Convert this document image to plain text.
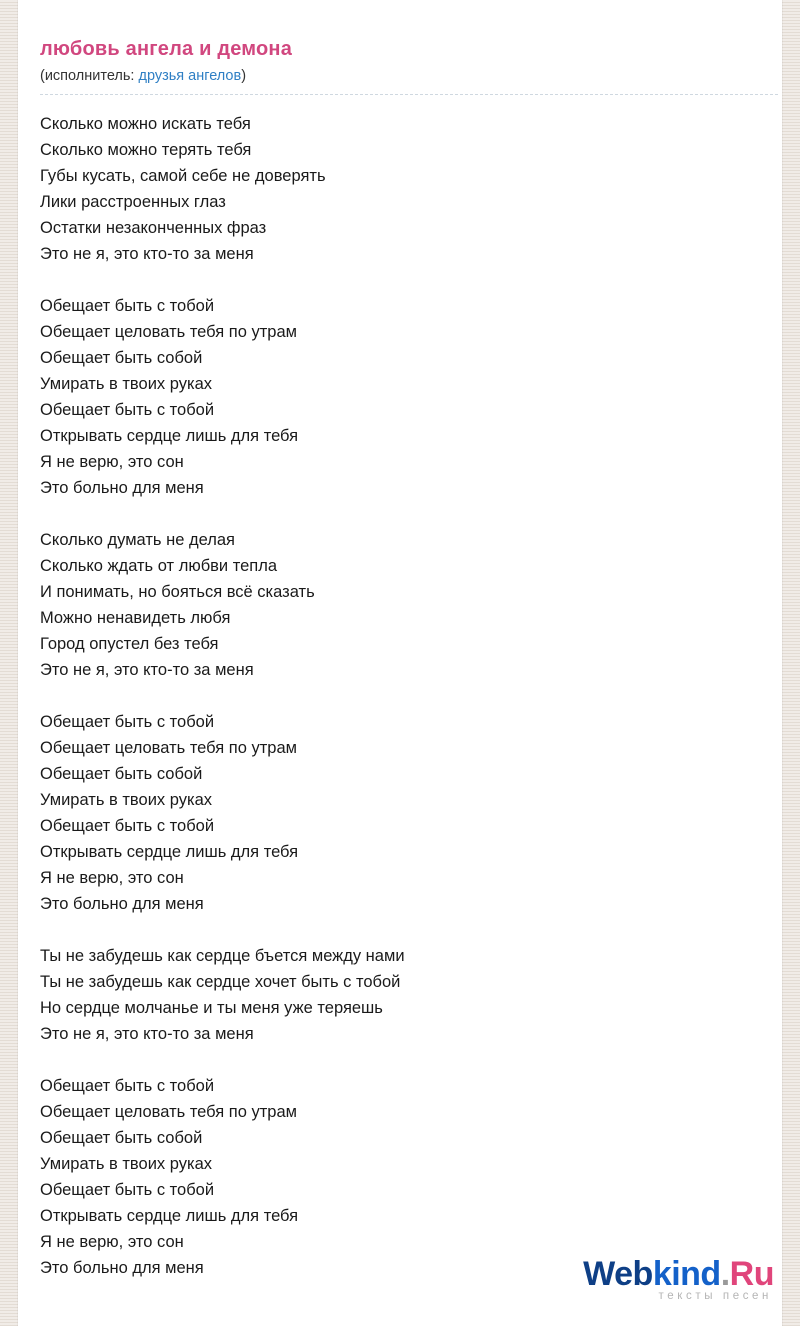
любовь ангела и демона
(исполнитель: друзья ангелов)
Сколько можно искать тебя
Сколько можно терять тебя
Губы кусать, самой себе не доверять
Лики расстроенных глаз
Остатки незаконченных фраз
Это не я, это кто-то за меня
Обещает быть с тобой
Обещает целовать тебя по утрам
Обещает быть собой
Умирать в твоих руках
Обещает быть с тобой
Открывать сердце лишь для тебя
Я не верю, это сон
Это больно для меня
Сколько думать не делая
Сколько ждать от любви тепла
И понимать, но бояться всё сказать
Можно ненавидеть любя
Город опустел без тебя
Это не я, это кто-то за меня
Обещает быть с тобой
Обещает целовать тебя по утрам
Обещает быть собой
Умирать в твоих руках
Обещает быть с тобой
Открывать сердце лишь для тебя
Я не верю, это сон
Это больно для меня
Ты не забудешь как сердце бъется между нами
Ты не забудешь как сердце хочет быть с тобой
Но сердце молчанье и ты меня уже теряешь
Это не я, это кто-то за меня
Обещает быть с тобой
Обещает целовать тебя по утрам
Обещает быть собой
Умирать в твоих руках
Обещает быть с тобой
Открывать сердце лишь для тебя
Я не верю, это сон
Это больно для меня	Webkind.Ru
тексты песен
